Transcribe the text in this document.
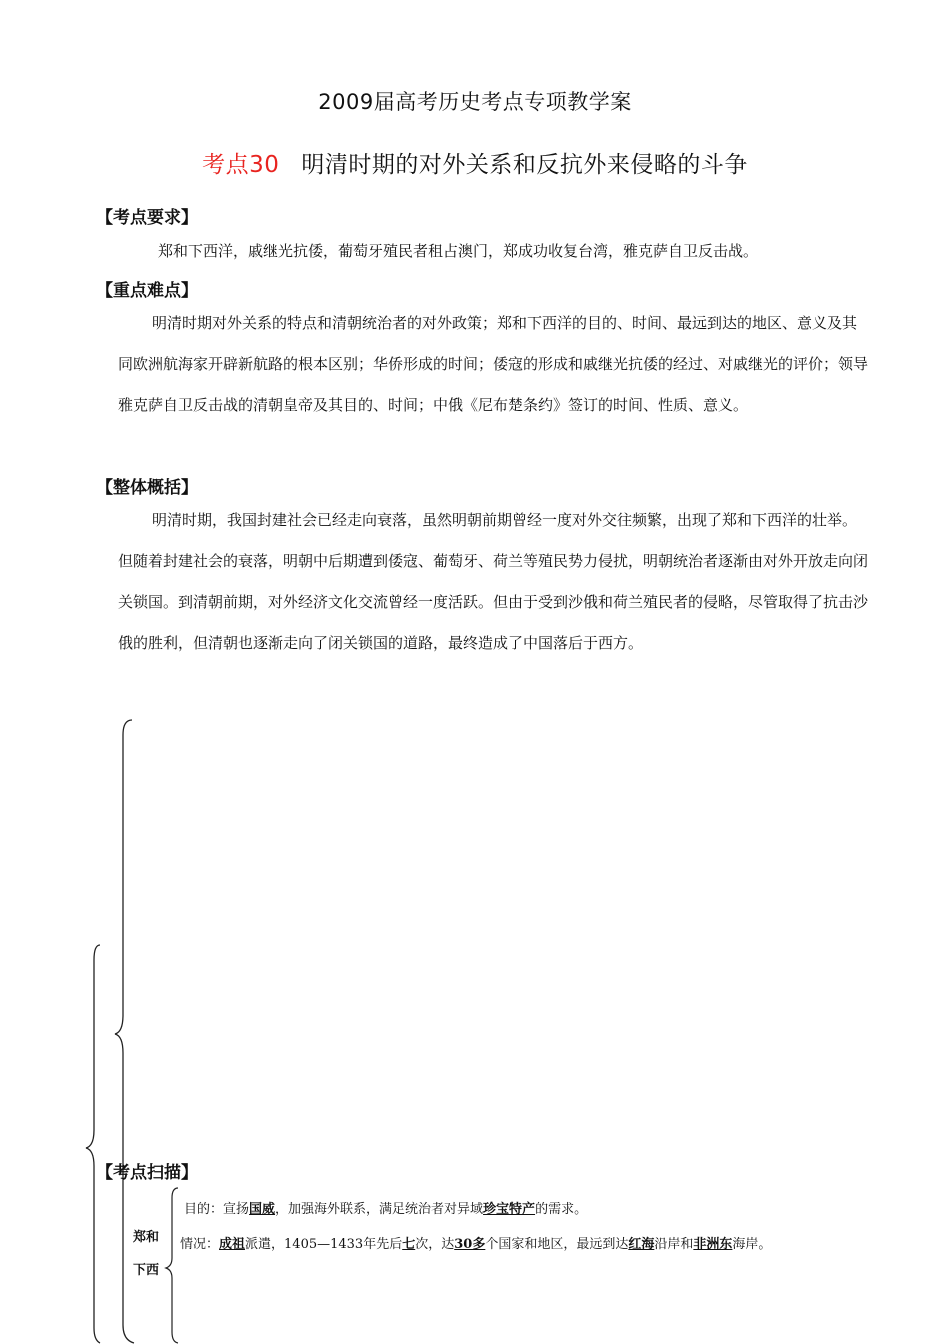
2009届高考历史考点专项教学案
考点30 明清时期的对外关系和反抗外来侵略的斗争
【考点要求】

郑和下西洋，戚继光抗倭，葡萄牙殖民者租占澳门，郑成功收复台湾，雅克萨自卫反击战。

【重点难点】

明清时期对外关系的特点和清朝统治者的对外政策；郑和下西洋的目的、时间、最远到达的地区、意义及其同欧洲航海家开辟新航路的根本区别；华侨形成的时间；倭寇的形成和戚继光抗倭的经过、对戚继光的评价；领导雅克萨自卫反击战的清朝皇帝及其目的、时间；中俄《尼布楚条约》签订的时间、性质、意义。

【整体概括】

明清时期，我国封建社会已经走向衰落，虽然明朝前期曾经一度对外交往频繁，出现了郑和下西洋的壮举。但随着封建社会的衰落，明朝中后期遭到倭寇、葡萄牙、荷兰等殖民势力侵扰，明朝统治者逐渐由对外开放走向闭关锁国。到清朝前期，对外经济文化交流曾经一度活跃。但由于受到沙俄和荷兰殖民者的侵略，尽管取得了抗击沙俄的胜利，但清朝也逐渐走向了闭关锁国的道路，最终造成了中国落后于西方。

【考点扫描】
郑和
下西
目的：宣扬国威，加强海外联系，满足统治者对异域珍宝特产的需求。
情况：成祖派遣，1405—1433年先后七次，达30多个国家和地区，最远到达红海沿岸和非洲东海岸。
